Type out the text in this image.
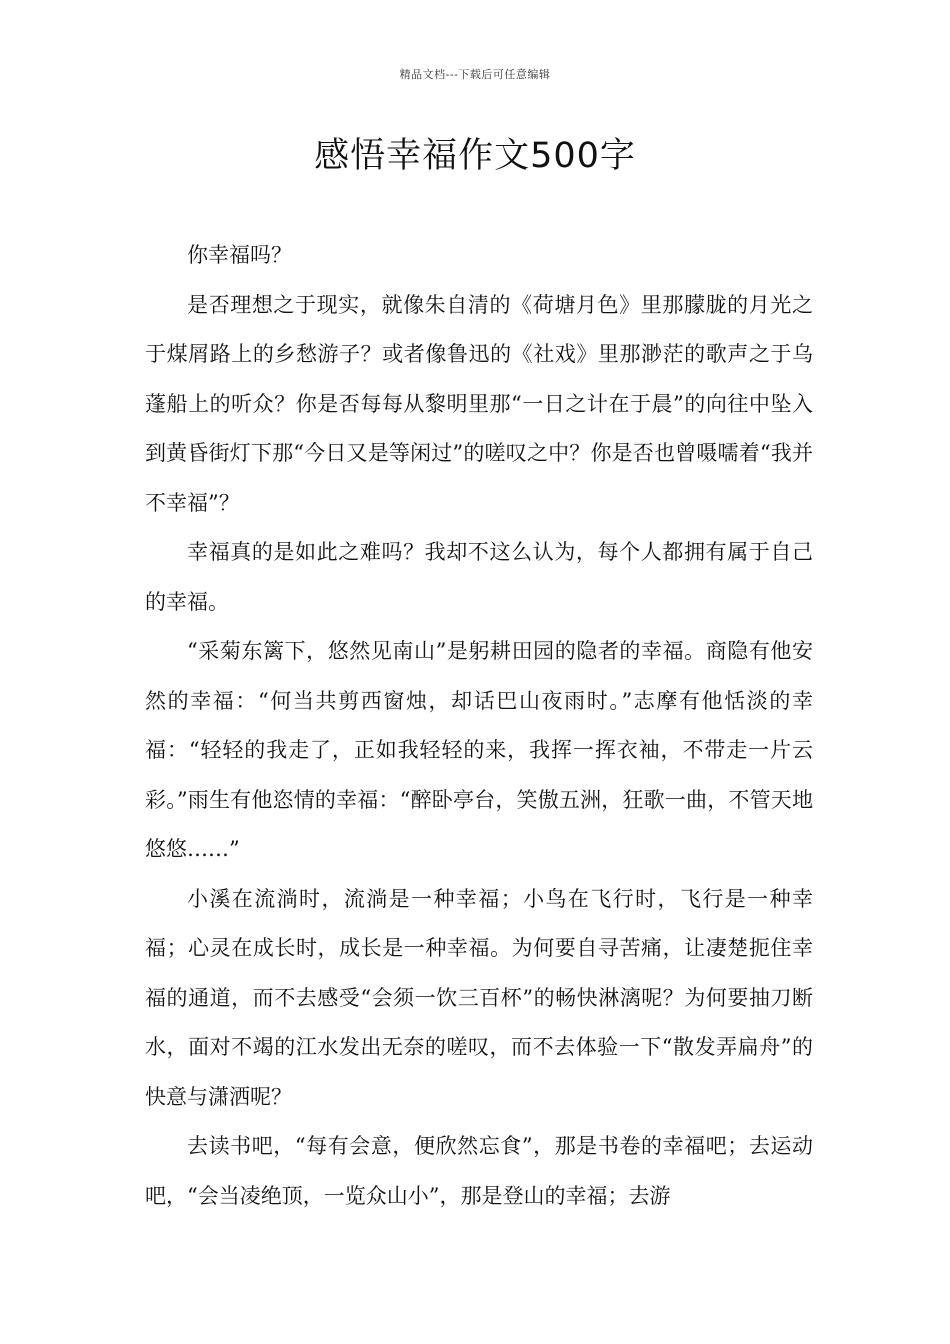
精品文档---下载后可任意编辑
感悟幸福作文500字

你幸福吗？

是否理想之于现实，就像朱自清的《荷塘月色》里那朦胧的月光之于煤屑路上的乡愁游子？或者像鲁迅的《社戏》里那渺茫的歌声之于乌蓬船上的听众？你是否每每从黎明里那“一日之计在于晨”的向往中坠入到黄昏街灯下那“今日又是等闲过”的嗟叹之中？你是否也曾嗫嚅着“我并不幸福”？

幸福真的是如此之难吗？我却不这么认为，每个人都拥有属于自己的幸福。

“采菊东篱下，悠然见南山”是躬耕田园的隐者的幸福。商隐有他安然的幸福：“何当共剪西窗烛，却话巴山夜雨时。”志摩有他恬淡的幸福：“轻轻的我走了，正如我轻轻的来，我挥一挥衣袖，不带走一片云彩。”雨生有他恣情的幸福：“醉卧亭台，笑傲五洲，狂歌一曲，不管天地悠悠……”

小溪在流淌时，流淌是一种幸福；小鸟在飞行时，飞行是一种幸福；心灵在成长时，成长是一种幸福。为何要自寻苦痛，让凄楚扼住幸福的通道，而不去感受“会须一饮三百杯”的畅快淋漓呢？为何要抽刀断水，面对不竭的江水发出无奈的嗟叹，而不去体验一下“散发弄扁舟”的快意与潇洒呢？

去读书吧，“每有会意，便欣然忘食”，那是书卷的幸福吧；去运动吧，“会当凌绝顶，一览众山小”，那是登山的幸福；去游
